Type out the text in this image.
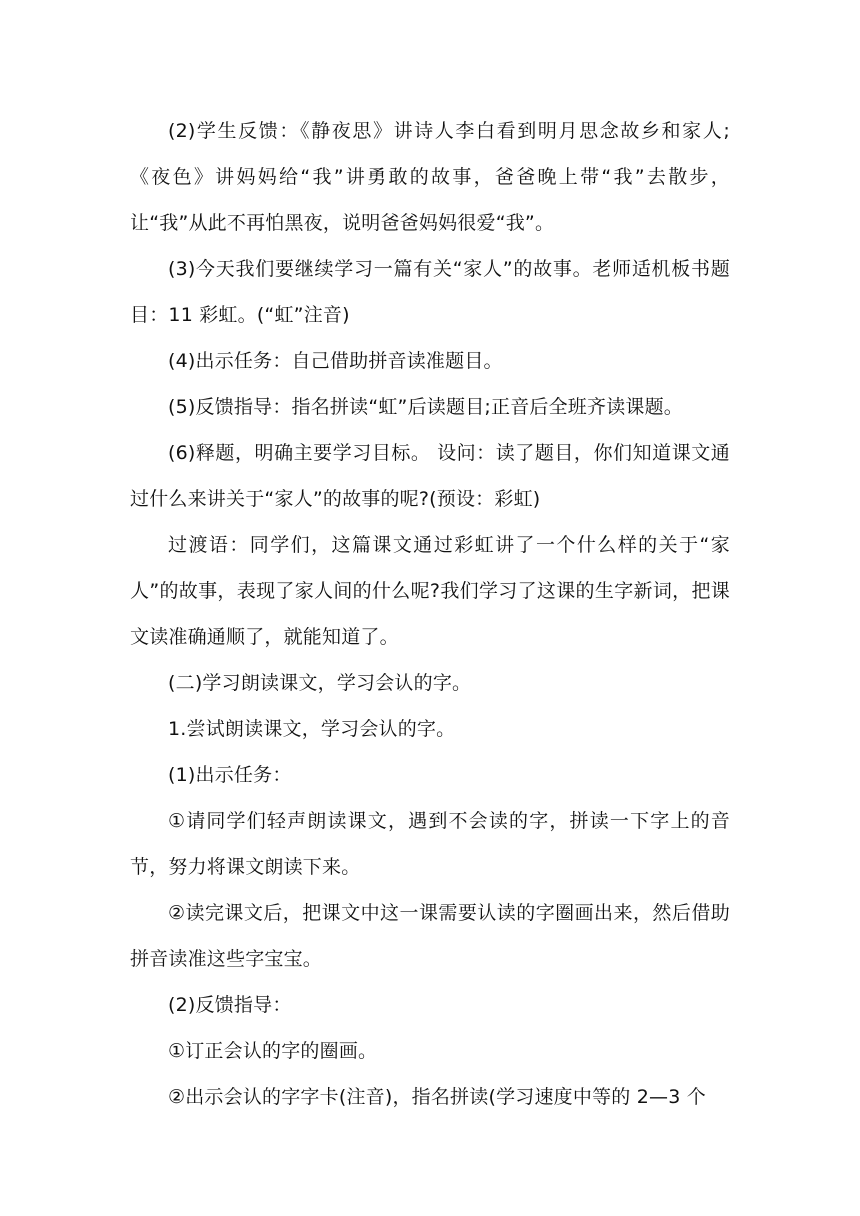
(2)学生反馈：《静夜思》讲诗人李白看到明月思念故乡和家人;《夜色》讲妈妈给“我”讲勇敢的故事，爸爸晚上带“我”去散步，让“我”从此不再怕黑夜，说明爸爸妈妈很爱“我”。

(3)今天我们要继续学习一篇有关“家人”的故事。老师适机板书题目：11 彩虹。(“虹”注音)

(4)出示任务：自己借助拼音读准题目。

(5)反馈指导：指名拼读“虹”后读题目;正音后全班齐读课题。

(6)释题，明确主要学习目标。 设问：读了题目，你们知道课文通过什么来讲关于“家人”的故事的呢?(预设：彩虹)

过渡语：同学们，这篇课文通过彩虹讲了一个什么样的关于“家人”的故事，表现了家人间的什么呢?我们学习了这课的生字新词，把课文读准确通顺了，就能知道了。

(二)学习朗读课文，学习会认的字。

1.尝试朗读课文，学习会认的字。

(1)出示任务：

①请同学们轻声朗读课文，遇到不会读的字，拼读一下字上的音节，努力将课文朗读下来。

②读完课文后，把课文中这一课需要认读的字圈画出来，然后借助拼音读准这些字宝宝。

(2)反馈指导：

①订正会认的字的圈画。

②出示会认的字字卡(注音)，指名拼读(学习速度中等的 2—3 个
